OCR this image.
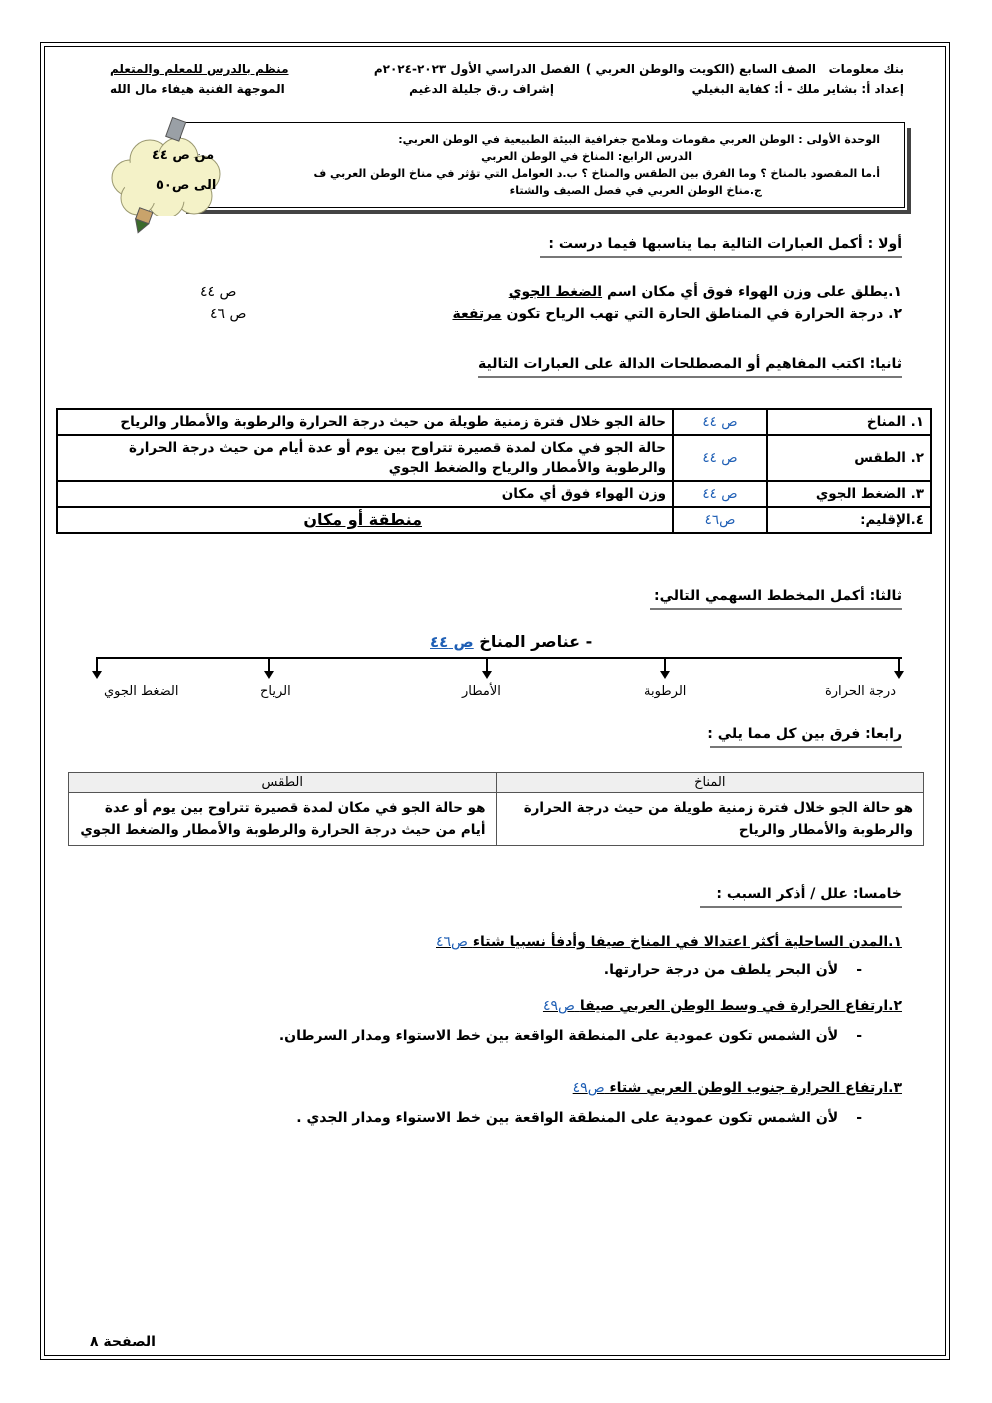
بنك معلومات
الصف السابع (الكويت والوطن العربي )
الفصل الدراسي الأول ٢٠٢٣-٢٠٢٤م
منظم بالدرس للمعلم والمتعلم
إعداد أ: بشاير ملك - أ: كفاية البغيلي
إشراف ر.ق جليلة الدغيم
الموجهة الفنية هيفاء مال الله
الوحدة الأولى : الوطن العربي مقومات وملامح جغرافية البيئة الطبيعية في الوطن العربي:
الدرس الرابع: المناخ في الوطن العربي
أ.ما المقصود بالمناخ ؟ وما الفرق بين الطقس والمناخ ؟ ب.د العوامل التي تؤثر في مناخ الوطن العربي ف
ج.مناخ الوطن العربي في فصل الصيف والشتاء
من ص ٤٤
الى ص٥٠
أولا : أكمل العبارات التالية بما يناسبها فيما درست :
١.يطلق على وزن الهواء فوق أي مكان اسم الضغط الجوي
ص ٤٤
٢. درجة الحرارة في المناطق الحارة التي تهب الرياح تكون مرتفعة
ص ٤٦
ثانيا: اكتب المفاهيم أو المصطلحات الدالة على العبارات التالية
١. المناخ	ص ٤٤	حالة الجو خلال فترة زمنية طويلة من حيث درجة الحرارة والرطوبة والأمطار والرياح
٢. الطقس	ص ٤٤	حالة الجو في مكان لمدة قصيرة تتراوح بين يوم أو عدة أيام من حيث درجة الحرارة والرطوبة والأمطار والرياح والضغط الجوي
٣. الضغط الجوي	ص ٤٤	وزن الهواء فوق أي مكان
٤.الإقليم:	ص٤٦	منطقة أو مكان
ثالثا: أكمل المخطط السهمي التالي:
- عناصر المناخ ص ٤٤
درجة الحرارة
الرطوبة
الأمطار
الرياح
الضغط الجوي
رابعا: فرق بين كل مما يلي :
المناخ	الطقس
هو حالة الجو خلال فترة زمنية طويلة من حيث درجة الحرارة والرطوبة والأمطار والرياح	هو حالة الجو في مكان لمدة قصيرة تتراوح بين يوم أو عدة أيام من حيث درجة الحرارة والرطوبة والأمطار والضغط الجوي
خامسا: علل / أذكر السبب :
١.المدن الساحلية أكثر اعتدالا في المناخ صيفا وأدفأ نسبيا شتاء ص٤٦
-لأن البحر يلطف من درجة حرارتها.
٢.ارتفاع الحرارة في وسط الوطن العربي صيفا ص٤٩
-لأن الشمس تكون عمودية على المنطقة الواقعة بين خط الاستواء ومدار السرطان.
٣.ارتفاع الحرارة جنوب الوطن العربي شتاء ص٤٩
-لأن الشمس تكون عمودية على المنطقة الواقعة بين خط الاستواء ومدار الجدي .
الصفحة ٨
